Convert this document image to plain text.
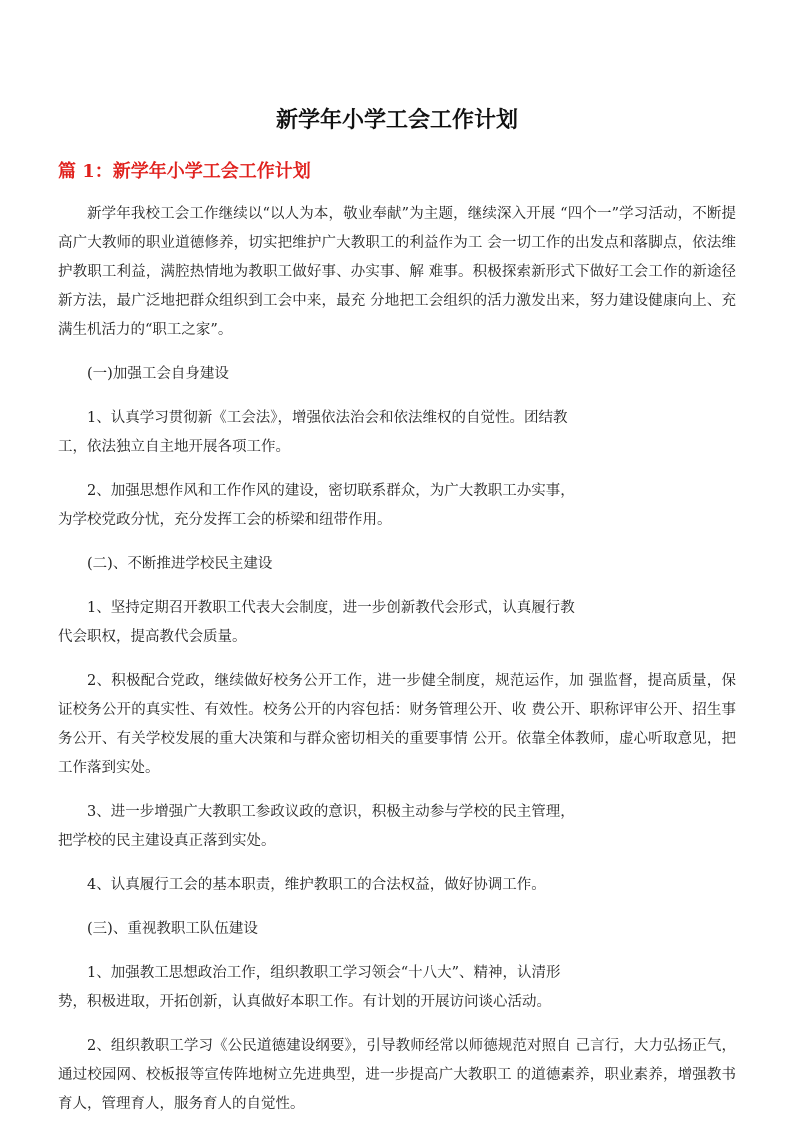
新学年小学工会工作计划
篇 1：新学年小学工会工作计划

新学年我校工会工作继续以“以人为本，敬业奉献”为主题，继续深入开展 “四个一”学习活动，不断提高广大教师的职业道德修养，切实把维护广大教职工的利益作为工 会一切工作的出发点和落脚点，依法维护教职工利益，满腔热情地为教职工做好事、办实事、解 难事。积极探索新形式下做好工会工作的新途径新方法，最广泛地把群众组织到工会中来，最充 分地把工会组织的活力激发出来，努力建设健康向上、充满生机活力的“职工之家”。

(一)加强工会自身建设

1、认真学习贯彻新《工会法》，增强依法治会和依法维权的自觉性。团结教
工，依法独立自主地开展各项工作。

2、加强思想作风和工作作风的建设，密切联系群众，为广大教职工办实事，
为学校党政分忧，充分发挥工会的桥梁和纽带作用。

(二)、不断推进学校民主建设

1、坚持定期召开教职工代表大会制度，进一步创新教代会形式，认真履行教
代会职权，提高教代会质量。

2、积极配合党政，继续做好校务公开工作，进一步健全制度，规范运作，加 强监督，提高质量，保证校务公开的真实性、有效性。校务公开的内容包括：财务管理公开、收 费公开、职称评审公开、招生事务公开、有关学校发展的重大决策和与群众密切相关的重要事情 公开。依靠全体教师，虚心听取意见，把工作落到实处。

3、进一步增强广大教职工参政议政的意识，积极主动参与学校的民主管理，
把学校的民主建设真正落到实处。

4、认真履行工会的基本职责，维护教职工的合法权益，做好协调工作。

(三)、重视教职工队伍建设

1、加强教工思想政治工作，组织教职工学习领会“十八大”、精神，认清形
势，积极进取，开拓创新，认真做好本职工作。有计划的开展访问谈心活动。

2、组织教职工学习《公民道德建设纲要》，引导教师经常以师德规范对照自 己言行，大力弘扬正气，通过校园网、校板报等宣传阵地树立先进典型，进一步提高广大教职工 的道德素养，职业素养，增强教书育人，管理育人，服务育人的自觉性。
